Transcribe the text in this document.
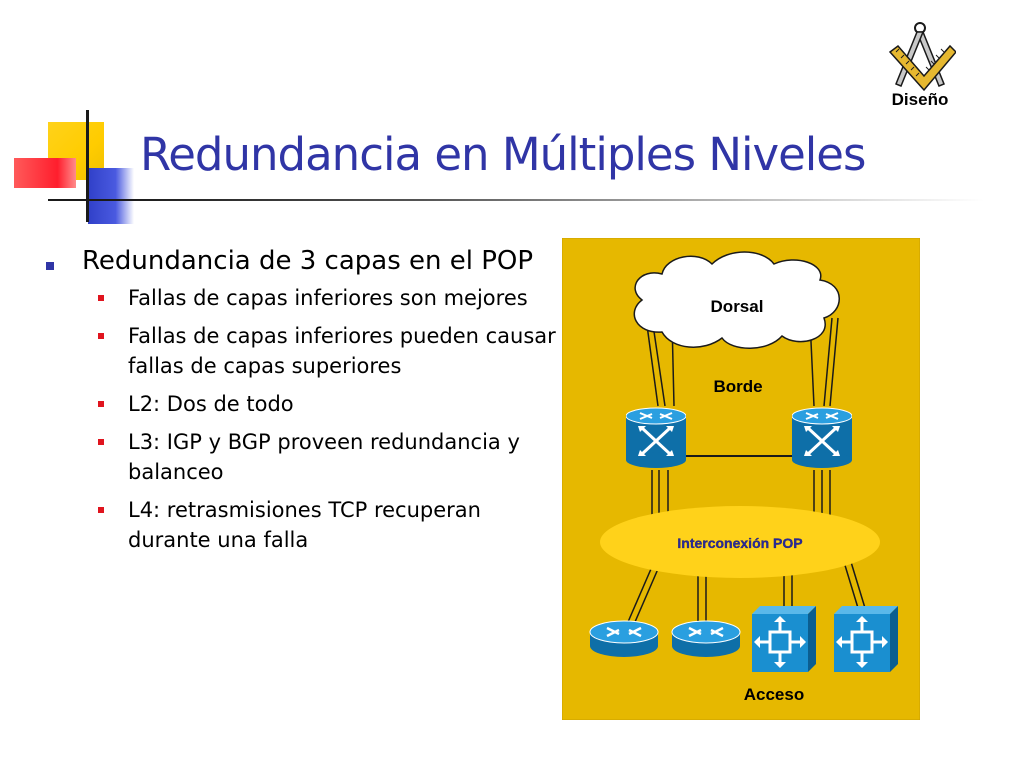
Redundancia en Múltiples Niveles
Diseño
Redundancia de 3 capas en el POP
Fallas de capas inferiores son mejores
Fallas de capas inferiores pueden causar fallas de capas superiores
L2: Dos de todo
L3: IGP y BGP proveen redundancia y balanceo
L4: retrasmisiones TCP recuperan durante una falla
Dorsal
Borde
Interconexión POP
Acceso
